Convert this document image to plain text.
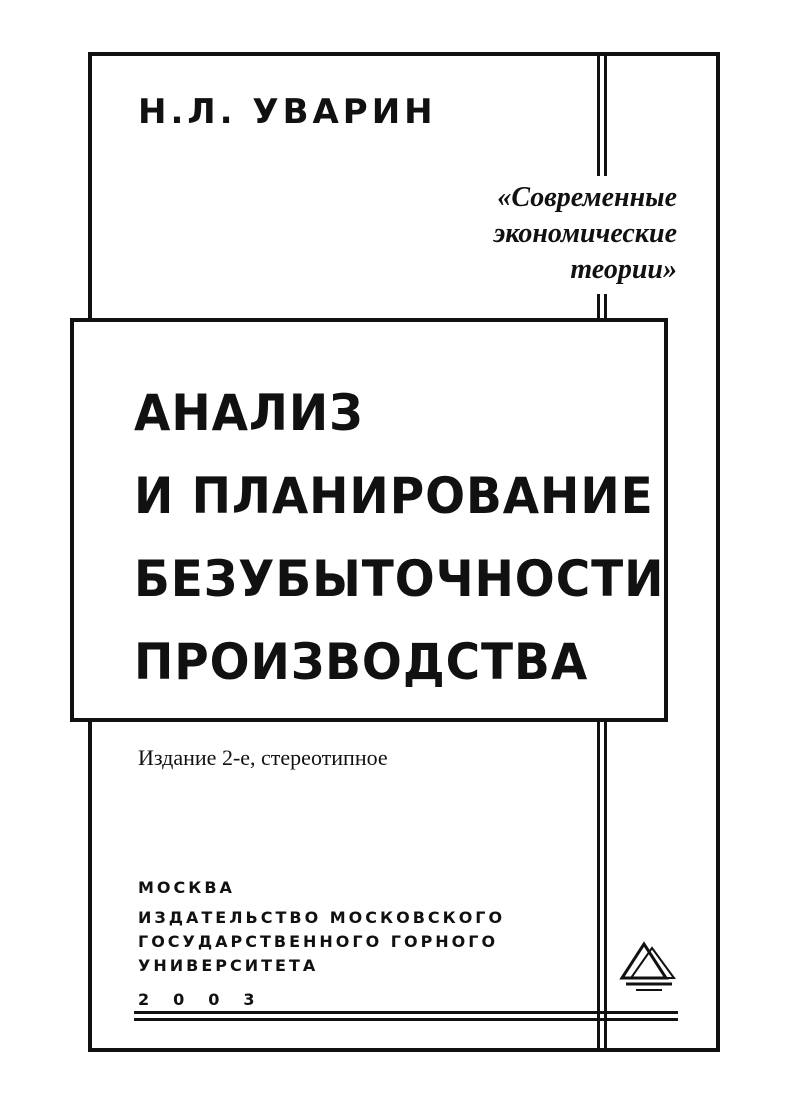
Н.Л. УВАРИН
«Современные
экономические
теории»
АНАЛИЗ
И ПЛАНИРОВАНИЕ
БЕЗУБЫТОЧНОСТИ
ПРОИЗВОДСТВА
Издание 2-е, стереотипное
МОСКВА
ИЗДАТЕЛЬСТВО МОСКОВСКОГО
ГОСУДАРСТВЕННОГО ГОРНОГО
УНИВЕРСИТЕТА
2003
